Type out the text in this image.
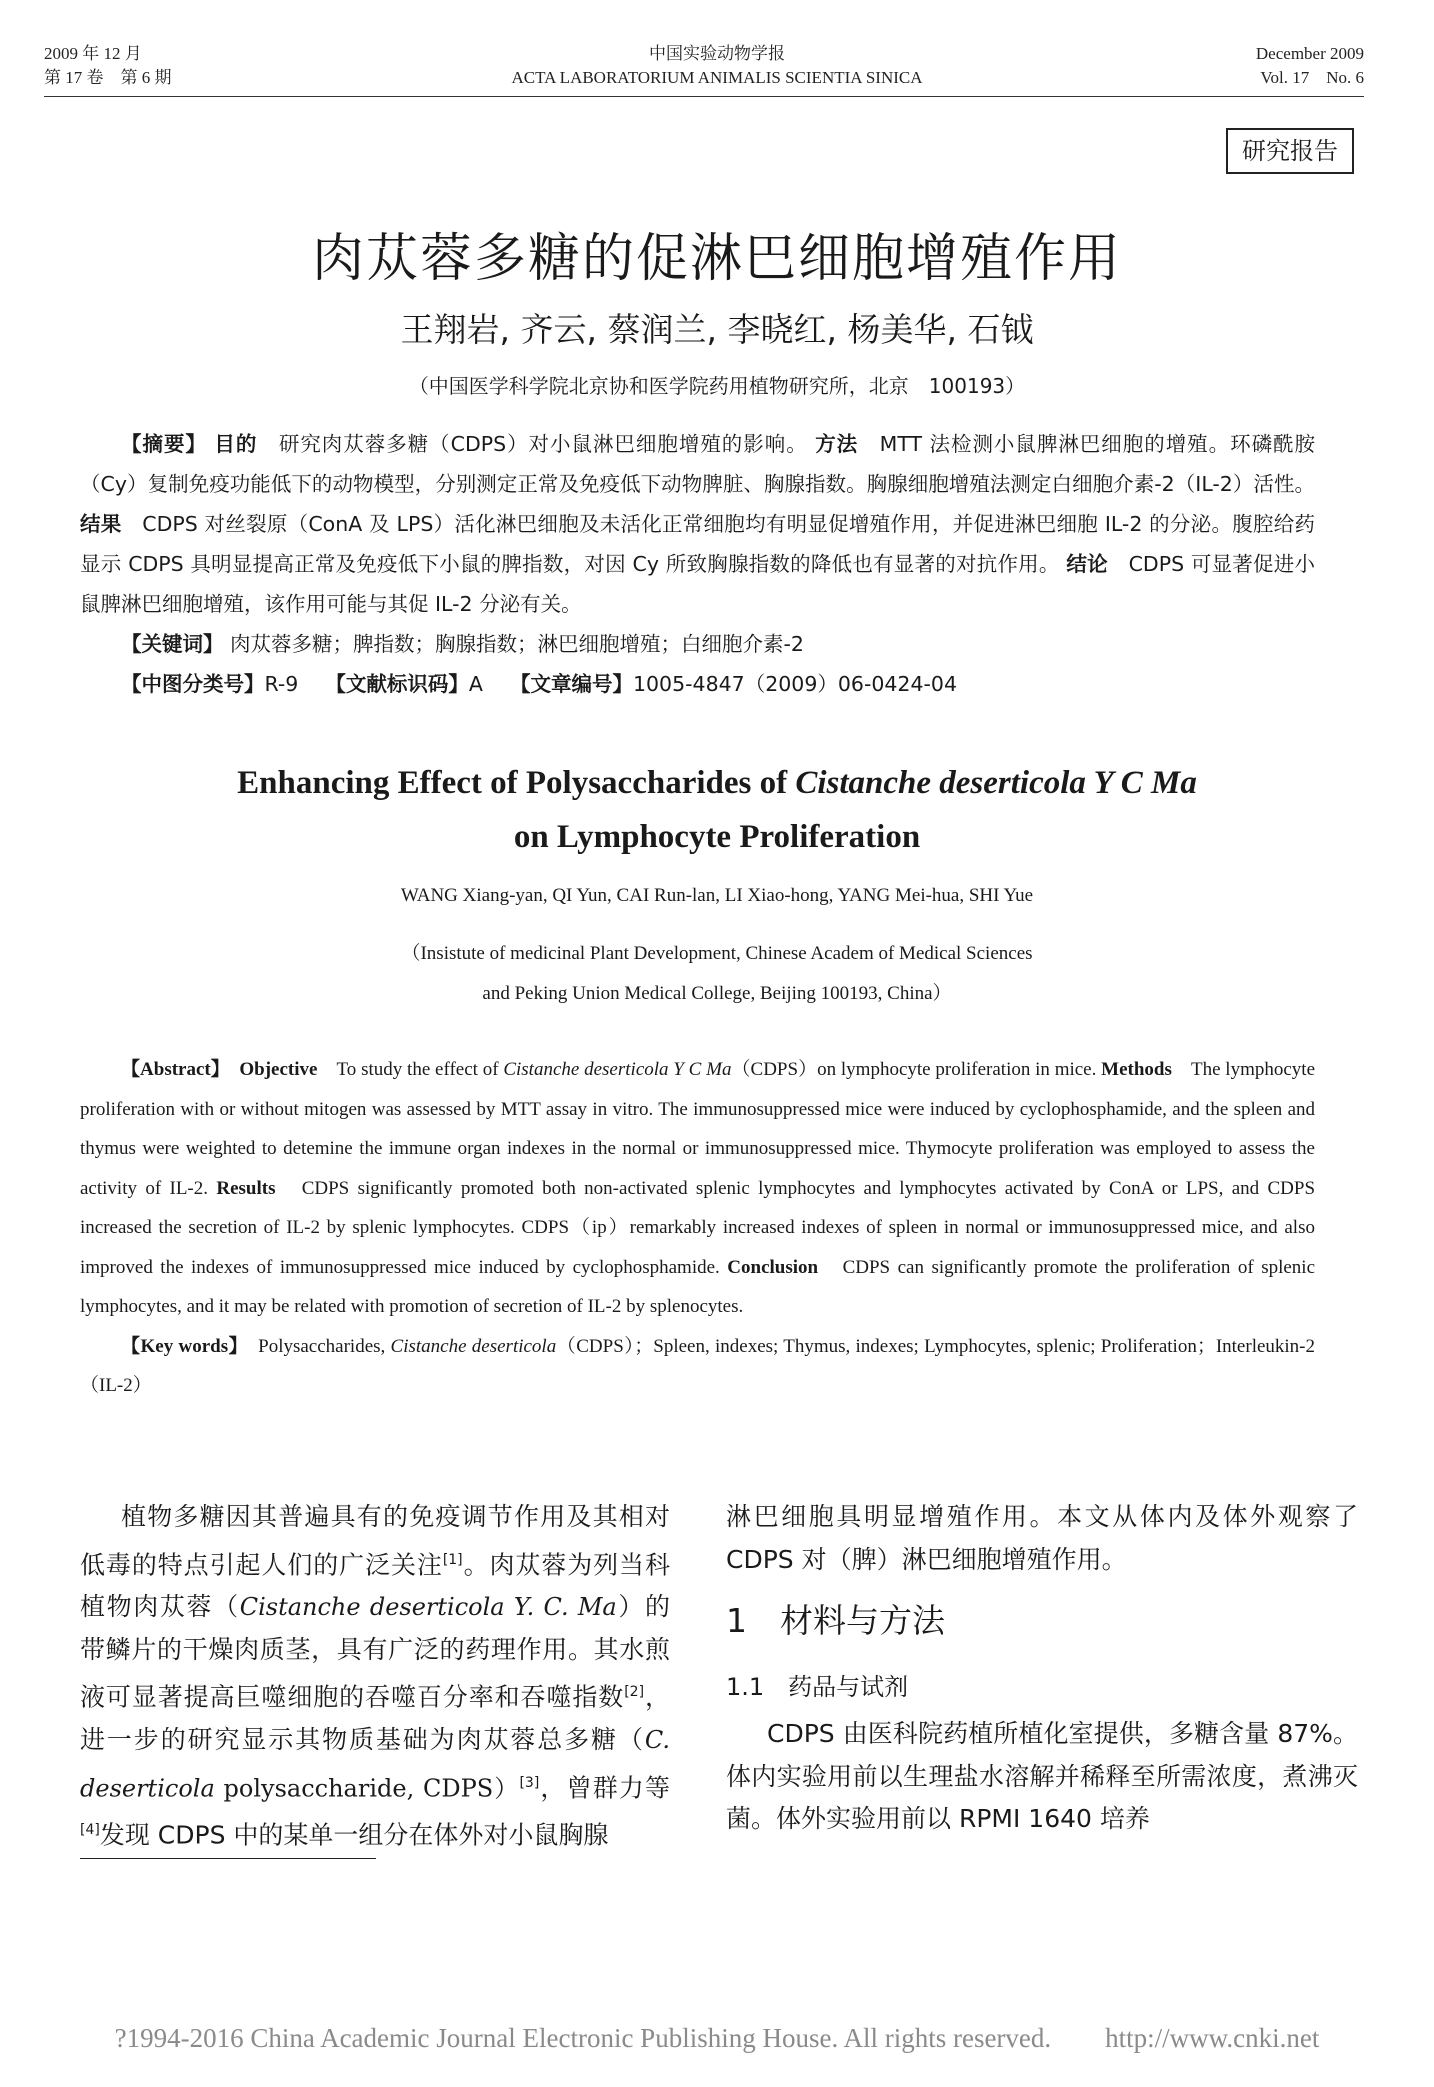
2009 年 12 月
第 17 卷　第 6 期
中国实验动物学报
ACTA LABORATORIUM ANIMALIS SCIENTIA SINICA
December 2009
Vol. 17　No. 6
研究报告
肉苁蓉多糖的促淋巴细胞增殖作用
王翔岩, 齐云, 蔡润兰, 李晓红, 杨美华, 石钺
（中国医学科学院北京协和医学院药用植物研究所，北京　100193）

【摘要】 目的　 研究肉苁蓉多糖（CDPS）对小鼠淋巴细胞增殖的影响。 方法　 MTT 法检测小鼠脾淋巴细胞的增殖。环磷酰胺（Cy）复制免疫功能低下的动物模型，分别测定正常及免疫低下动物脾脏、胸腺指数。胸腺细胞增殖法测定白细胞介素-2（IL-2）活性。 结果　 CDPS 对丝裂原（ConA 及 LPS）活化淋巴细胞及未活化正常细胞均有明显促增殖作用，并促进淋巴细胞 IL-2 的分泌。腹腔给药显示 CDPS 具明显提高正常及免疫低下小鼠的脾指数，对因 Cy 所致胸腺指数的降低也有显著的对抗作用。 结论　 CDPS 可显著促进小鼠脾淋巴细胞增殖，该作用可能与其促 IL-2 分泌有关。

【关键词】 肉苁蓉多糖；脾指数；胸腺指数；淋巴细胞增殖；白细胞介素-2

【中图分类号】R-9　 【文献标识码】A　 【文章编号】1005-4847（2009）06-0424-04

Enhancing Effect of Polysaccharides of Cistanche deserticola Y C Ma
on Lymphocyte Proliferation
WANG Xiang-yan, QI Yun, CAI Run-lan, LI Xiao-hong, YANG Mei-hua, SHI Yue
（Insistute of medicinal Plant Development, Chinese Academ of Medical Sciences
and Peking Union Medical College, Beijing 100193, China）

【Abstract】　 Objective　 To study the effect of Cistanche deserticola Y C Ma（CDPS）on lymphocyte proliferation in mice. Methods　 The lymphocyte proliferation with or without mitogen was assessed by MTT assay in vitro. The immunosuppressed mice were induced by cyclophosphamide, and the spleen and thymus were weighted to detemine the immune organ indexes in the normal or immunosuppressed mice. Thymocyte proliferation was employed to assess the activity of IL-2. Results　 CDPS significantly promoted both non-activated splenic lymphocytes and lymphocytes activated by ConA or LPS, and CDPS increased the secretion of IL-2 by splenic lymphocytes. CDPS（ip）remarkably increased indexes of spleen in normal or immunosuppressed mice, and also improved the indexes of immunosuppressed mice induced by cyclophosphamide. Conclusion　 CDPS can significantly promote the proliferation of splenic lymphocytes, and it may be related with promotion of secretion of IL-2 by splenocytes.

【Key words】　 Polysaccharides, Cistanche deserticola（CDPS）；Spleen, indexes; Thymus, indexes; Lymphocytes, splenic; Proliferation；Interleukin-2（IL-2）

植物多糖因其普遍具有的免疫调节作用及其相对低毒的特点引起人们的广泛关注[1]。肉苁蓉为列当科植物肉苁蓉（Cistanche deserticola Y. C. Ma）的带鳞片的干燥肉质茎，具有广泛的药理作用。其水煎液可显著提高巨噬细胞的吞噬百分率和吞噬指数[2]，进一步的研究显示其物质基础为肉苁蓉总多糖（C. deserticola polysaccharide, CDPS）[3]，曾群力等[4]发现 CDPS 中的某单一组分在体外对小鼠胸腺

淋巴细胞具明显增殖作用。本文从体内及体外观察了 CDPS 对（脾）淋巴细胞增殖作用。

1　材料与方法

1.1　药品与试剂

CDPS 由医科院药植所植化室提供，多糖含量 87%。体内实验用前以生理盐水溶解并稀释至所需浓度，煮沸灭菌。体外实验用前以 RPMI 1640 培养

?1994-2016 China Academic Journal Electronic Publishing House. All rights reserved.　　http://www.cnki.net
